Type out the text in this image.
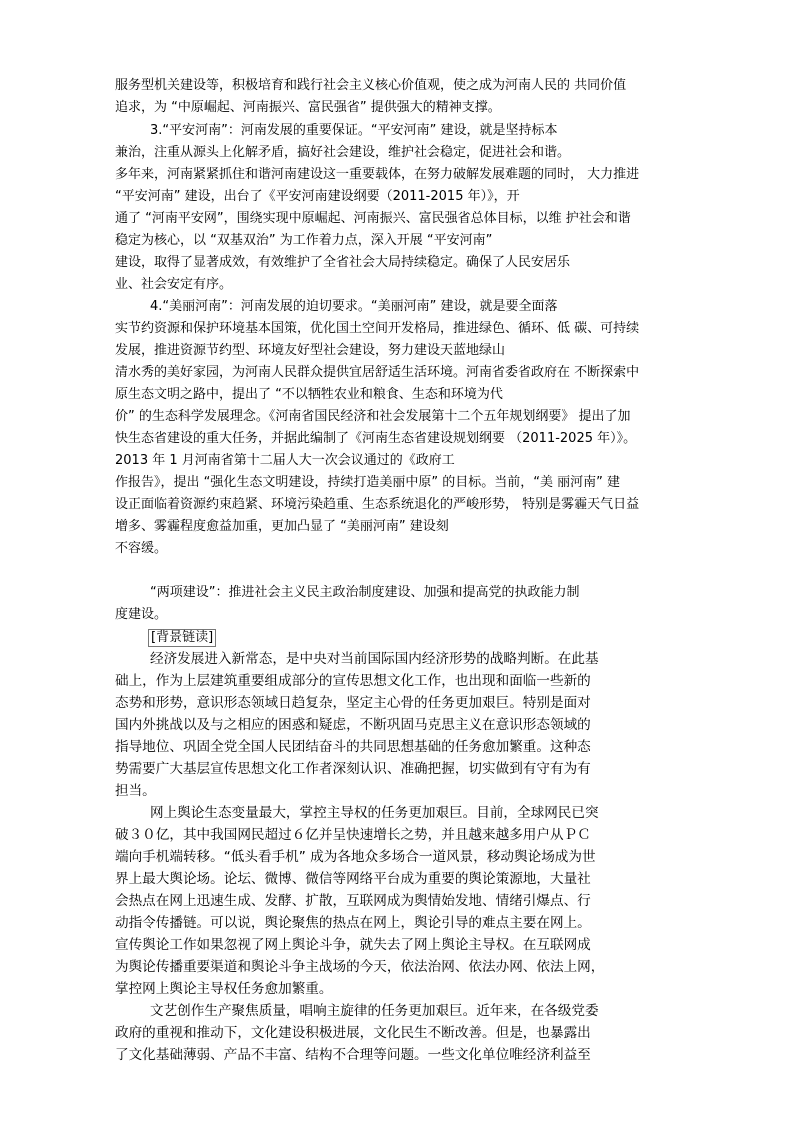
服务型机关建设等，积极培育和践行社会主义核心价值观，使之成为河南人民的 共同价值
追求，为 “中原崛起、河南振兴、富民强省” 提供强大的精神支撑。
3.“平安河南”：河南发展的重要保证。“平安河南” 建设，就是坚持标本
兼治，注重从源头上化解矛盾，搞好社会建设，维护社会稳定，促进社会和谐。
多年来，河南紧紧抓住和谐河南建设这一重要载体，在努力破解发展难题的同时， 大力推进
“平安河南” 建设，出台了《平安河南建设纲要（2011-2015 年）》，开
通了 “河南平安网”，围绕实现中原崛起、河南振兴、富民强省总体目标，以维 护社会和谐
稳定为核心，以 “双基双治” 为工作着力点，深入开展 “平安河南”
建设，取得了显著成效，有效维护了全省社会大局持续稳定。确保了人民安居乐
业、社会安定有序。
4.“美丽河南”：河南发展的迫切要求。“美丽河南” 建设，就是要全面落
实节约资源和保护环境基本国策，优化国土空间开发格局，推进绿色、循环、低 碳、可持续
发展，推进资源节约型、环境友好型社会建设，努力建设天蓝地绿山
清水秀的美好家园，为河南人民群众提供宜居舒适生活环境。河南省委省政府在 不断探索中
原生态文明之路中，提出了 “不以牺牲农业和粮食、生态和环境为代
价” 的生态科学发展理念。《河南省国民经济和社会发展第十二个五年规划纲要》 提出了加
快生态省建设的重大任务，并据此编制了《河南生态省建设规划纲要 （2011-2025 年）》。
2013 年 1 月河南省第十二届人大一次会议通过的《政府工
作报告》，提出 “强化生态文明建设，持续打造美丽中原” 的目标。当前，“美 丽河南” 建
设正面临着资源约束趋紧、环境污染趋重、生态系统退化的严峻形势， 特别是雾霾天气日益
增多、雾霾程度愈益加重，更加凸显了 “美丽河南” 建设刻
不容缓。
“两项建设”：推进社会主义民主政治制度建设、加强和提高党的执政能力制
度建设。
[背景链读]
经济发展进入新常态，是中央对当前国际国内经济形势的战略判断。在此基
础上，作为上层建筑重要组成部分的宣传思想文化工作，也出现和面临一些新的
态势和形势，意识形态领域日趋复杂，坚定主心骨的任务更加艰巨。特别是面对
国内外挑战以及与之相应的困惑和疑虑，不断巩固马克思主义在意识形态领域的
指导地位、巩固全党全国人民团结奋斗的共同思想基础的任务愈加繁重。这种态
势需要广大基层宣传思想文化工作者深刻认识、准确把握，切实做到有守有为有
担当。
网上舆论生态变量最大，掌控主导权的任务更加艰巨。目前，全球网民已突
破３０亿，其中我国网民超过６亿并呈快速增长之势，并且越来越多用户从ＰＣ
端向手机端转移。“低头看手机” 成为各地众多场合一道风景，移动舆论场成为世
界上最大舆论场。论坛、微博、微信等网络平台成为重要的舆论策源地，大量社
会热点在网上迅速生成、发酵、扩散，互联网成为舆情始发地、情绪引爆点、行
动指令传播链。可以说，舆论聚焦的热点在网上，舆论引导的难点主要在网上。
宣传舆论工作如果忽视了网上舆论斗争，就失去了网上舆论主导权。在互联网成
为舆论传播重要渠道和舆论斗争主战场的今天，依法治网、依法办网、依法上网，
掌控网上舆论主导权任务愈加繁重。
文艺创作生产聚焦质量，唱响主旋律的任务更加艰巨。近年来，在各级党委
政府的重视和推动下，文化建设积极进展，文化民生不断改善。但是，也暴露出
了文化基础薄弱、产品不丰富、结构不合理等问题。一些文化单位唯经济利益至
